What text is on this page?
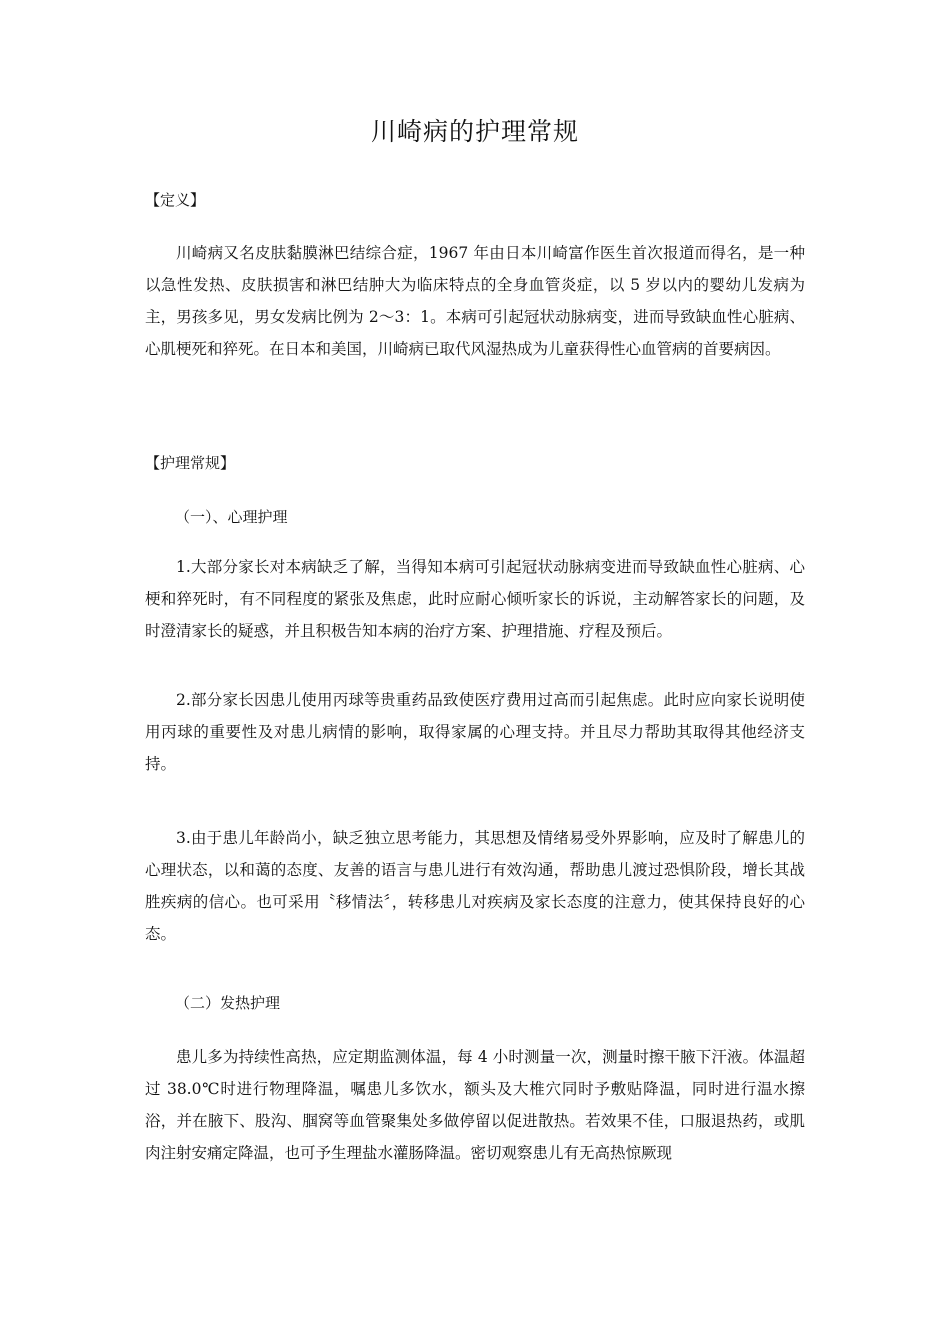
川崎病的护理常规
【定义】
川崎病又名皮肤黏膜淋巴结综合症，1967 年由日本川崎富作医生首次报道而得名，是一种以急性发热、皮肤损害和淋巴结肿大为临床特点的全身血管炎症，以 5 岁以内的婴幼儿发病为主，男孩多见，男女发病比例为 2～3：1。本病可引起冠状动脉病变，进而导致缺血性心脏病、心肌梗死和猝死。在日本和美国，川崎病已取代风湿热成为儿童获得性心血管病的首要病因。
【护理常规】
（一）、心理护理
1.大部分家长对本病缺乏了解，当得知本病可引起冠状动脉病变进而导致缺血性心脏病、心梗和猝死时，有不同程度的紧张及焦虑，此时应耐心倾听家长的诉说，主动解答家长的问题，及时澄清家长的疑惑，并且积极告知本病的治疗方案、护理措施、疗程及预后。
2.部分家长因患儿使用丙球等贵重药品致使医疗费用过高而引起焦虑。此时应向家长说明使用丙球的重要性及对患儿病情的影响，取得家属的心理支持。并且尽力帮助其取得其他经济支持。
3.由于患儿年龄尚小，缺乏独立思考能力，其思想及情绪易受外界影响，应及时了解患儿的心理状态，以和蔼的态度、友善的语言与患儿进行有效沟通，帮助患儿渡过恐惧阶段，增长其战胜疾病的信心。也可采用〝移情法〞，转移患儿对疾病及家长态度的注意力，使其保持良好的心态。
（二）发热护理
患儿多为持续性高热，应定期监测体温，每 4 小时测量一次，测量时擦干腋下汗液。体温超过 38.0℃时进行物理降温，嘱患儿多饮水，额头及大椎穴同时予敷贴降温，同时进行温水擦浴，并在腋下、股沟、腘窝等血管聚集处多做停留以促进散热。若效果不佳，口服退热药，或肌肉注射安痛定降温，也可予生理盐水灌肠降温。密切观察患儿有无高热惊厥现
